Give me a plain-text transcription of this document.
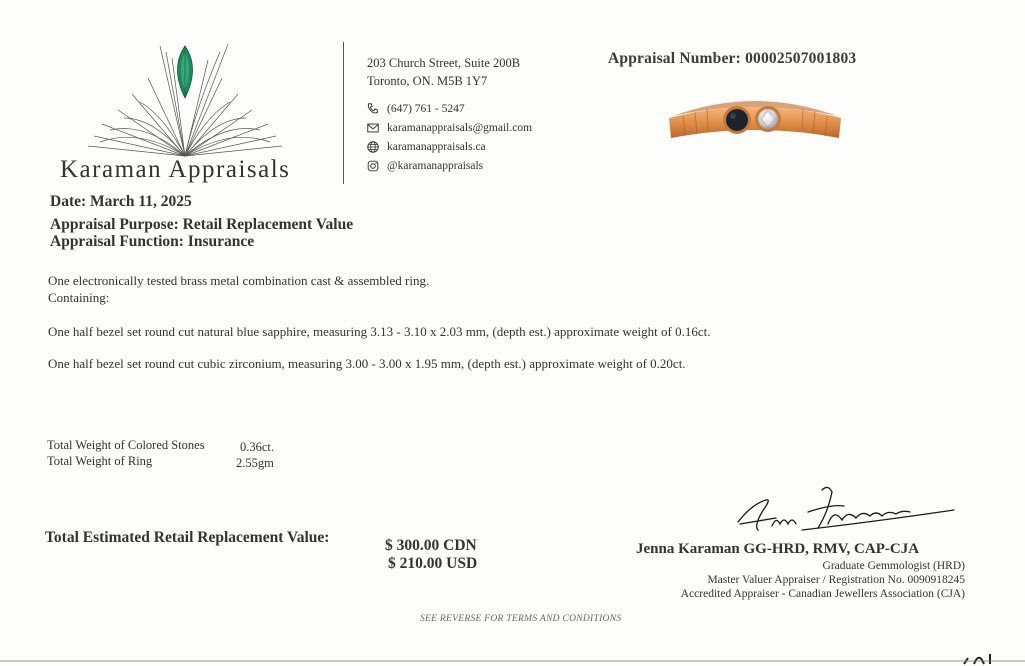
Karaman Appraisals
203 Church Street, Suite 200B
Toronto, ON. M5B 1Y7
(647) 761 - 5247
karamanappraisals@gmail.com
karamanappraisals.ca
@karamanappraisals
Appraisal Number: 00002507001803
Date: March 11, 2025
Appraisal Purpose: Retail Replacement Value
Appraisal Function: Insurance
One electronically tested brass metal combination cast & assembled ring.
Containing:
One half bezel set round cut natural blue sapphire, measuring 3.13 - 3.10 x 2.03 mm, (depth est.) approximate weight of 0.16ct.
One half bezel set round cut cubic zirconium, measuring 3.00 - 3.00 x 1.95 mm, (depth est.) approximate weight of 0.20ct.
Total Weight of Colored Stones	0.36ct.
Total Weight of Ring	2.55gm
Total Estimated Retail Replacement Value:	$ 300.00 CDN
$ 210.00 USD
Jenna Karaman GG-HRD, RMV, CAP-CJA
Graduate Gemmologist (HRD)
Master Valuer Appraiser / Registration No. 0090918245
Accredited Appraiser - Canadian Jewellers Association (CJA)
SEE REVERSE FOR TERMS AND CONDITIONS
